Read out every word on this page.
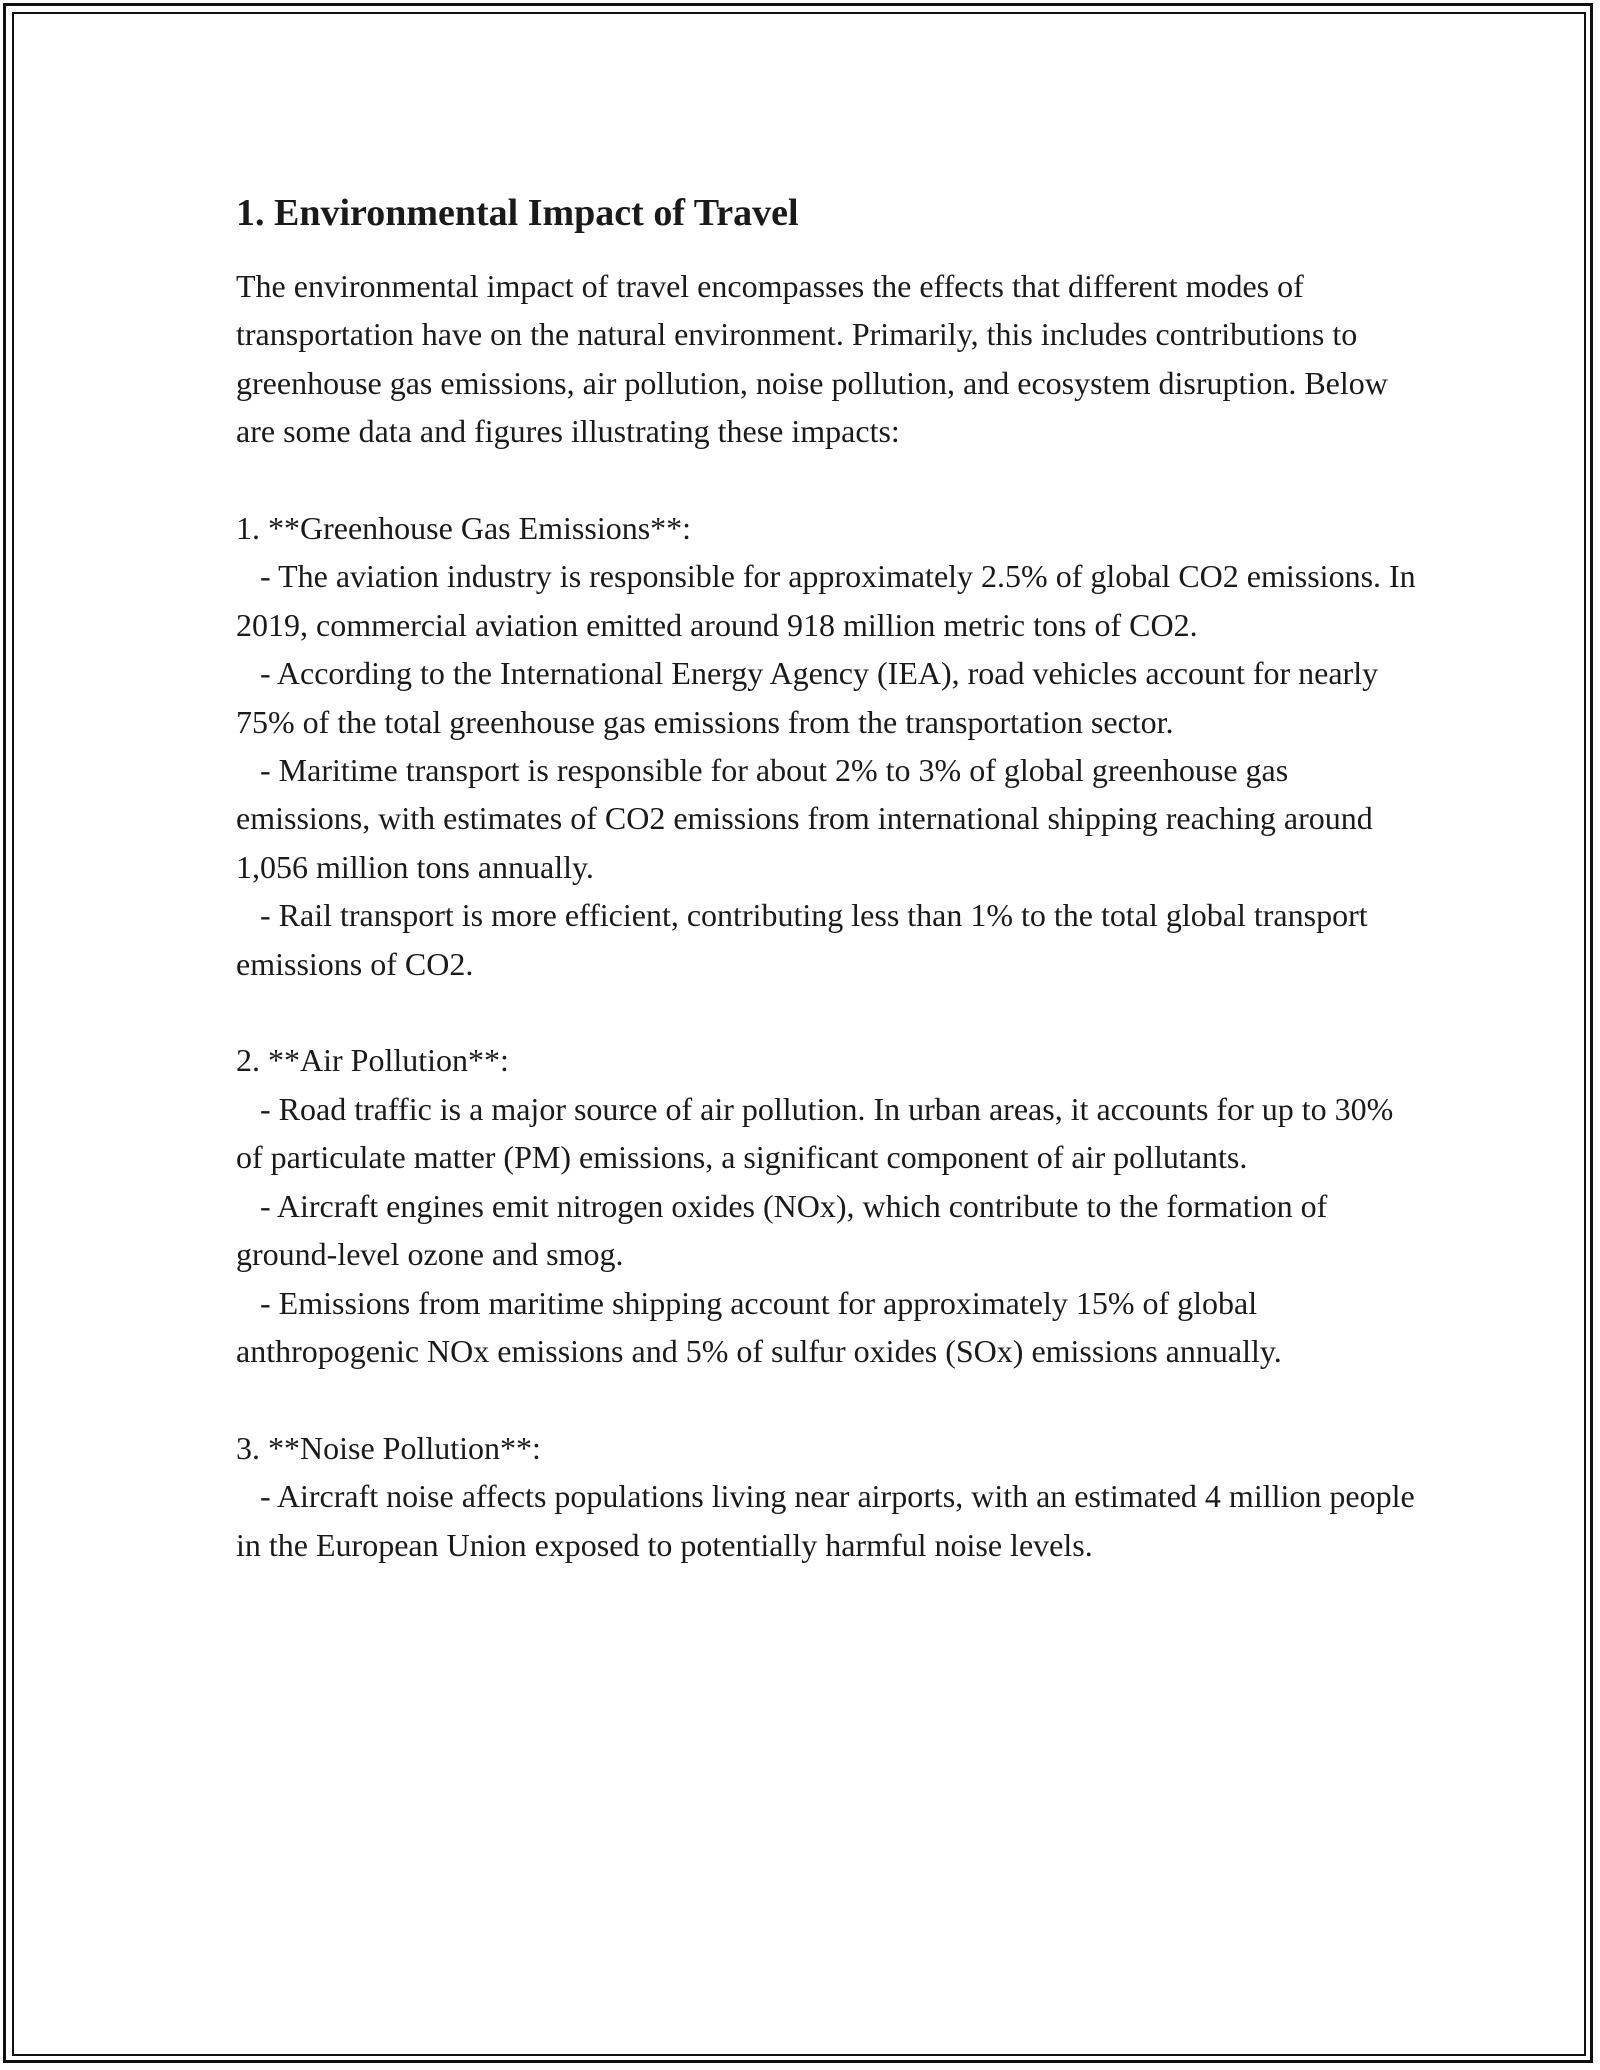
1. Environmental Impact of Travel

The environmental impact of travel encompasses the effects that different modes of transportation have on the natural environment. Primarily, this includes contributions to greenhouse gas emissions, air pollution, noise pollution, and ecosystem disruption. Below are some data and figures illustrating these impacts:

1. **Greenhouse Gas Emissions**:

- The aviation industry is responsible for approximately 2.5% of global CO2 emissions. In 2019, commercial aviation emitted around 918 million metric tons of CO2.

- According to the International Energy Agency (IEA), road vehicles account for nearly 75% of the total greenhouse gas emissions from the transportation sector.

- Maritime transport is responsible for about 2% to 3% of global greenhouse gas emissions, with estimates of CO2 emissions from international shipping reaching around 1,056 million tons annually.

- Rail transport is more efficient, contributing less than 1% to the total global transport emissions of CO2.

2. **Air Pollution**:

- Road traffic is a major source of air pollution. In urban areas, it accounts for up to 30% of particulate matter (PM) emissions, a significant component of air pollutants.

- Aircraft engines emit nitrogen oxides (NOx), which contribute to the formation of ground-level ozone and smog.

- Emissions from maritime shipping account for approximately 15% of global anthropogenic NOx emissions and 5% of sulfur oxides (SOx) emissions annually.

3. **Noise Pollution**:

- Aircraft noise affects populations living near airports, with an estimated 4 million people in the European Union exposed to potentially harmful noise levels.
